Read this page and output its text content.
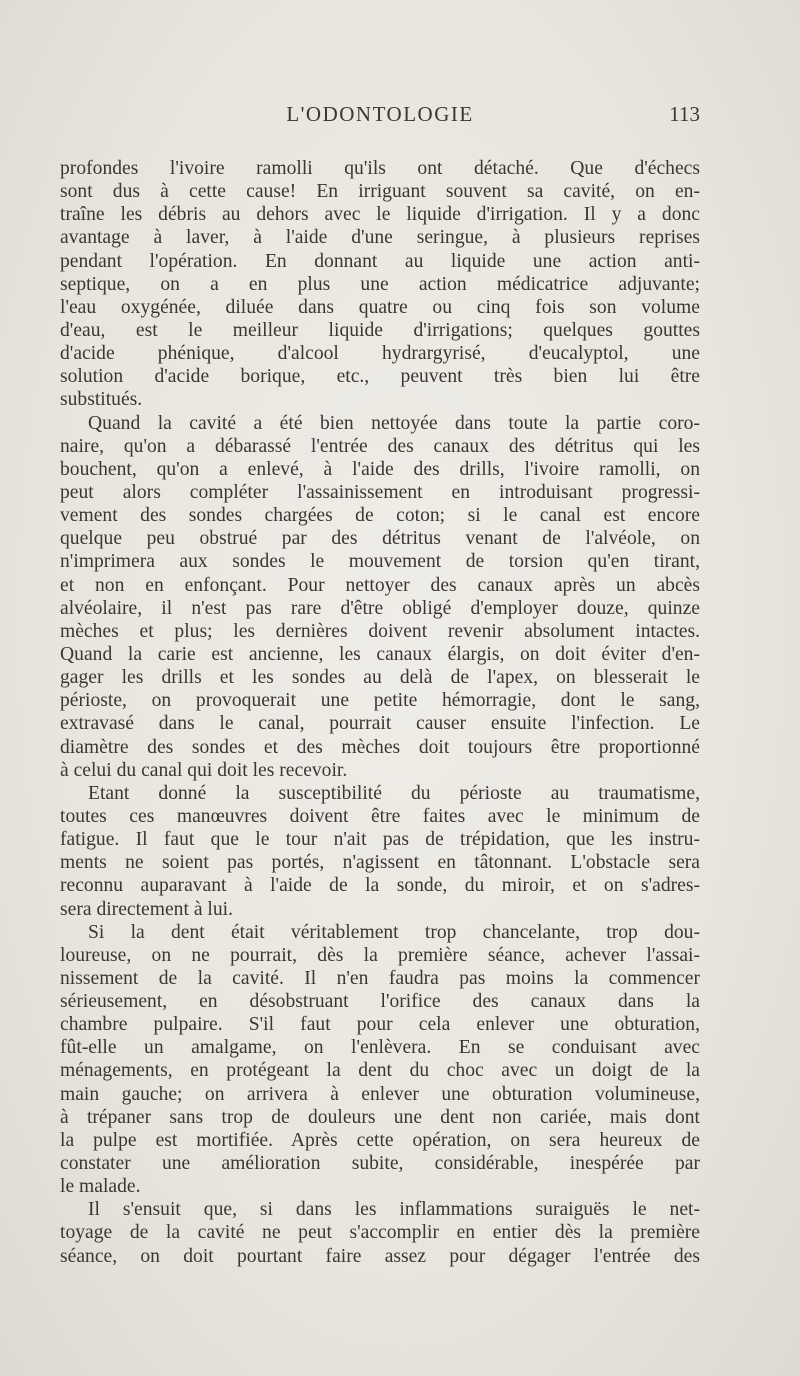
L'ODONTOLOGIE	113
profondes l'ivoire ramolli qu'ils ont détaché. Que d'échecs
sont dus à cette cause! En irriguant souvent sa cavité, on en-
traîne les débris au dehors avec le liquide d'irrigation. Il y a donc
avantage à laver, à l'aide d'une seringue, à plusieurs reprises
pendant l'opération. En donnant au liquide une action anti-
septique, on a en plus une action médicatrice adjuvante;
l'eau oxygénée, diluée dans quatre ou cinq fois son volume
d'eau, est le meilleur liquide d'irrigations; quelques gouttes
d'acide phénique, d'alcool hydrargyrisé, d'eucalyptol, une
solution d'acide borique, etc., peuvent très bien lui être
substitués.
Quand la cavité a été bien nettoyée dans toute la partie coro-
naire, qu'on a débarassé l'entrée des canaux des détritus qui les
bouchent, qu'on a enlevé, à l'aide des drills, l'ivoire ramolli, on
peut alors compléter l'assainissement en introduisant progressi-
vement des sondes chargées de coton; si le canal est encore
quelque peu obstrué par des détritus venant de l'alvéole, on
n'imprimera aux sondes le mouvement de torsion qu'en tirant,
et non en enfonçant. Pour nettoyer des canaux après un abcès
alvéolaire, il n'est pas rare d'être obligé d'employer douze, quinze
mèches et plus; les dernières doivent revenir absolument intactes.
Quand la carie est ancienne, les canaux élargis, on doit éviter d'en-
gager les drills et les sondes au delà de l'apex, on blesserait le
périoste, on provoquerait une petite hémorragie, dont le sang,
extravasé dans le canal, pourrait causer ensuite l'infection. Le
diamètre des sondes et des mèches doit toujours être proportionné
à celui du canal qui doit les recevoir.
Etant donné la susceptibilité du périoste au traumatisme,
toutes ces manœuvres doivent être faites avec le minimum de
fatigue. Il faut que le tour n'ait pas de trépidation, que les instru-
ments ne soient pas portés, n'agissent en tâtonnant. L'obstacle sera
reconnu auparavant à l'aide de la sonde, du miroir, et on s'adres-
sera directement à lui.
Si la dent était véritablement trop chancelante, trop dou-
loureuse, on ne pourrait, dès la première séance, achever l'assai-
nissement de la cavité. Il n'en faudra pas moins la commencer
sérieusement, en désobstruant l'orifice des canaux dans la
chambre pulpaire. S'il faut pour cela enlever une obturation,
fût-elle un amalgame, on l'enlèvera. En se conduisant avec
ménagements, en protégeant la dent du choc avec un doigt de la
main gauche; on arrivera à enlever une obturation volumineuse,
à trépaner sans trop de douleurs une dent non cariée, mais dont
la pulpe est mortifiée. Après cette opération, on sera heureux de
constater une amélioration subite, considérable, inespérée par
le malade.
Il s'ensuit que, si dans les inflammations suraiguës le net-
toyage de la cavité ne peut s'accomplir en entier dès la première
séance, on doit pourtant faire assez pour dégager l'entrée des
